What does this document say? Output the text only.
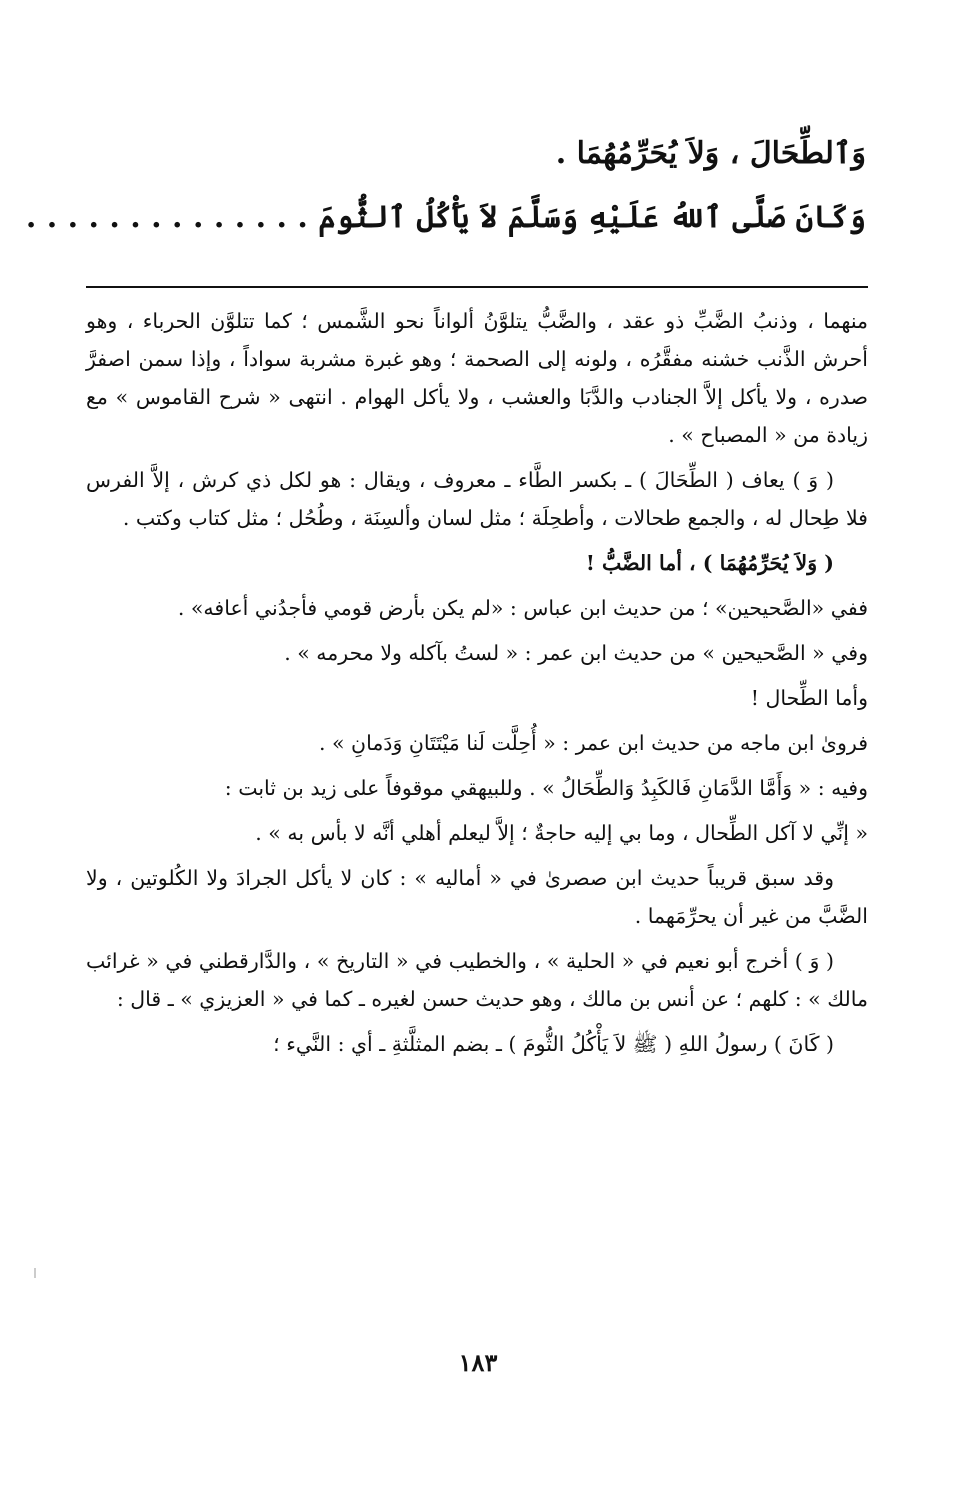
وَٱلطِّحَالَ ، وَلاَ يُحَرِّمُهُمَا .
وَكَانَ صَلَّى ٱللهُ عَلَيْهِ وَسَلَّمَ لاَ يَأْكُلُ ٱلثُّومَ . . . . . . . . . . . . . .

منهما ، وذنبُ الضَّبِّ ذو عقد ، والضَّبُّ يتلوَّنُ ألواناً نحو الشَّمس ؛ كما تتلوَّن الحرباء ، وهو أحرش الذَّنب خشنه مفقَّرُه ، ولونه إلى الصحمة ؛ وهو غبرة مشربة سواداً ، وإذا سمن اصفرَّ صدره ، ولا يأكل إلاَّ الجنادب والدَّبَا والعشب ، ولا يأكل الهوام . انتهى « شرح القاموس » مع زيادة من « المصباح » .

( وَ ) يعاف ( الطِّحَالَ ) ـ بكسر الطَّاء ـ معروف ، ويقال : هو لكل ذي كرش ، إلاَّ الفرس فلا طِحال له ، والجمع طحالات ، وأطحِلَة ؛ مثل لسان وألسِنَة ، وطُحُل ؛ مثل كتاب وكتب .

( وَلاَ يُحَرِّمُهُمَا ) ، أما الضَّبُّ !

ففي «الصَّحيحين» ؛ من حديث ابن عباس : «لم يكن بأرض قومي فأجدُني أعافه» .

وفي « الصَّحيحين » من حديث ابن عمر : « لستُ بآكله ولا محرمه » .

وأما الطِّحال !

فروىٰ ابن ماجه من حديث ابن عمر : « أُحِلَّت لَنا مَيْتَتَانِ وَدَمانِ » .

وفيه : « وَأَمَّا الدَّمَانِ فَالكَبِدُ وَالطِّحَالُ » . وللبيهقي موقوفاً على زيد بن ثابت :

« إنِّي لا آكل الطِّحال ، وما بي إليه حاجةٌ ؛ إلاَّ ليعلم أهلي أنَّه لا بأس به » .

وقد سبق قريباً حديث ابن صصرىٰ في « أماليه » : كان لا يأكل الجرادَ ولا الكُلوتين ، ولا الضَّبَّ من غير أن يحرِّمَهما .

( وَ ) أخرج أبو نعيم في « الحلية » ، والخطيب في « التاريخ » ، والدَّارقطني في « غرائب مالك » : كلهم ؛ عن أنس بن مالك ، وهو حديث حسن لغيره ـ كما في « العزيزي » ـ قال :

( كَانَ ) رسولُ اللهِ ( ﷺ لاَ يَأْكُلُ الثُّومَ ) ـ بضم المثلَّثةِ ـ أي : النَّيء ؛

١٨٣
